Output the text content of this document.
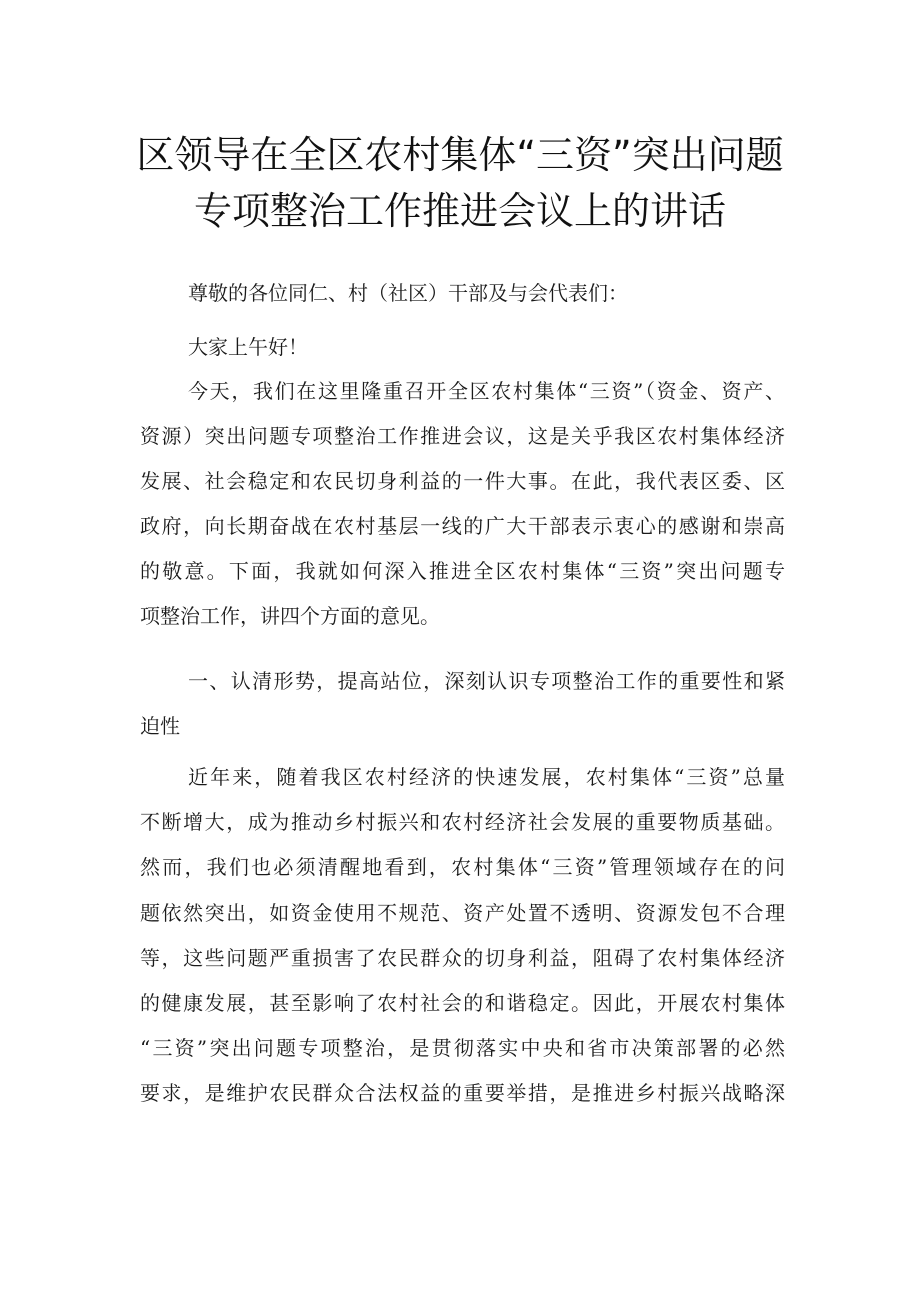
区领导在全区农村集体“三资”突出问题
专项整治工作推进会议上的讲话
尊敬的各位同仁、村（社区）干部及与会代表们：
大家上午好！
今天，我们在这里隆重召开全区农村集体“三资”（资金、资产、
资源）突出问题专项整治工作推进会议，这是关乎我区农村集体经济
发展、社会稳定和农民切身利益的一件大事。在此，我代表区委、区
政府，向长期奋战在农村基层一线的广大干部表示衷心的感谢和崇高
的敬意。下面，我就如何深入推进全区农村集体“三资”突出问题专
项整治工作，讲四个方面的意见。
一、认清形势，提高站位，深刻认识专项整治工作的重要性和紧
迫性
近年来，随着我区农村经济的快速发展，农村集体“三资”总量
不断增大，成为推动乡村振兴和农村经济社会发展的重要物质基础。
然而，我们也必须清醒地看到，农村集体“三资”管理领域存在的问
题依然突出，如资金使用不规范、资产处置不透明、资源发包不合理
等，这些问题严重损害了农民群众的切身利益，阻碍了农村集体经济
的健康发展，甚至影响了农村社会的和谐稳定。因此，开展农村集体
“三资”突出问题专项整治，是贯彻落实中央和省市决策部署的必然
要求，是维护农民群众合法权益的重要举措，是推进乡村振兴战略深
